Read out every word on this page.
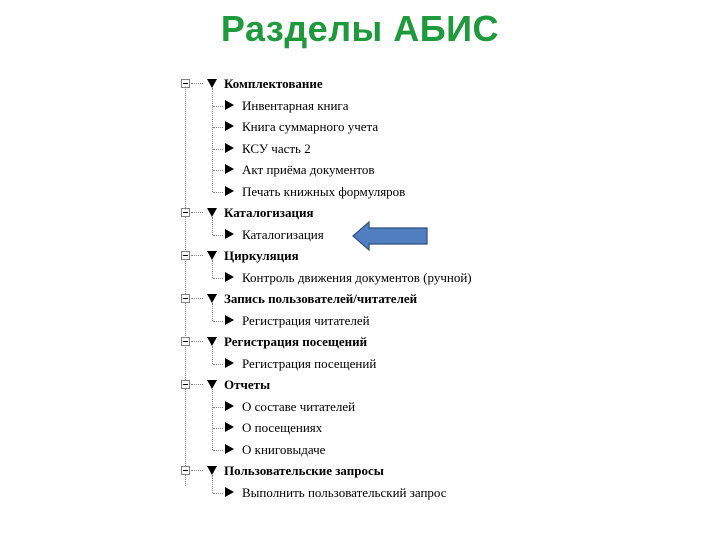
Разделы АБИС
Комплектование
Инвентарная книга
Книга суммарного учета
КСУ часть 2
Акт приёма документов
Печать книжных формуляров
Каталогизация
Каталогизация
Циркуляция
Контроль движения документов (ручной)
Запись пользователей/читателей
Регистрация читателей
Регистрация посещений
Регистрация посещений
Отчеты
О составе читателей
О посещениях
О книговыдаче
Пользовательские запросы
Выполнить пользовательский запрос
